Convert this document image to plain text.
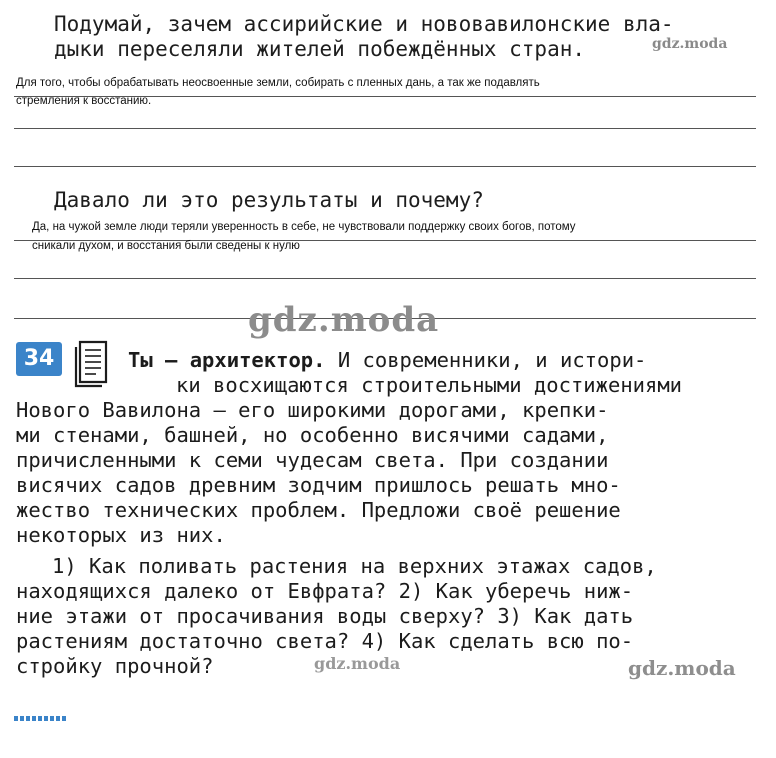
Подумай, зачем ассирийские и нововавилонские вла-
дыки переселяли жителей побеждённых стран.	gdz.moda
Для того, чтобы обрабатывать неосвоенные земли, собирать с пленных дань, а так же подавлять
стремления к восстанию.
Давало ли это результаты и почему?
Да, на чужой земле люди теряли уверенность в себе, не чувствовали поддержку своих богов, потому
сникали духом, и восстания были сведены к нулю
gdz.moda
34	Ты — архитектор. И современники, и истори-
ки восхищаются строительными достижениями
Нового Вавилона — его широкими дорогами, крепки-
ми стенами, башней, но особенно висячими садами,
причисленными к семи чудесам света. При создании
висячих садов древним зодчим пришлось решать мно-
жество технических проблем. Предложи своё решение
некоторых из них.
1) Как поливать растения на верхних этажах садов,
находящихся далеко от Евфрата? 2) Как уберечь ниж-
ние этажи от просачивания воды сверху? 3) Как дать
растениям достаточно света? 4) Как сделать всю по-
стройку прочной?	gdz.moda	gdz.moda
